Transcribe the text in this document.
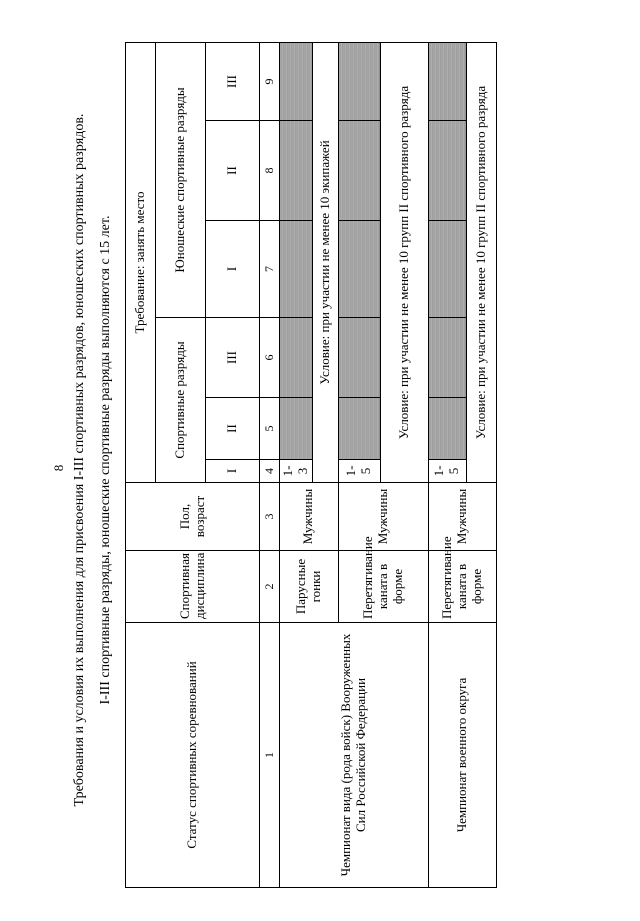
8 Требования и условия их выполнения для присвоения I-III спортивных разрядов, юношеских спортивных разрядов. I-III спортивные разряды, юношеские спортивные разряды выполняются с 15 лет.
Статус спортивных соревнований	Спортивная дисциплина	Пол, возраст	Требование: занять место					
			Спортивные разряды			Юношеские спортивные разряды		
			I	II	III	I	II	III
1	2	3	4	5	6	7	8	9
Чемпионат вида (рода войск) Вооруженных Сил Российской Федерации	Парусные гонки	Мужчины	1-3					
			Условие: при участии не менее 10 экипажей					
	Перетягивание каната в форме	Мужчины	1-5					
			Условие: при участии не менее 10 групп II спортивного разряда					
Чемпионат военного округа	Перетягивание каната в форме	Мужчины	1-5					
			Условие: при участии не менее 10 групп II спортивного разряда					
